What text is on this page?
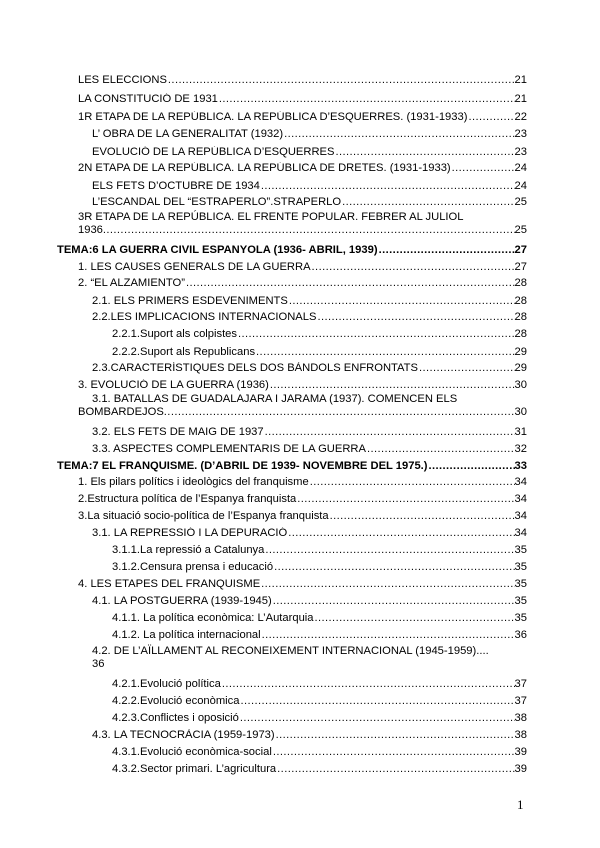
LES ELECCIONS .....	21
LA CONSTITUCIÓ DE 1931 .....	21
1R ETAPA DE LA REPÚBLICA. LA REPÚBLICA D’ESQUERRES. (1931-1933) .....	22
L’ OBRA DE LA GENERALITAT (1932) .....	23
EVOLUCIÓ DE LA REPÚBLICA D’ESQUERRES .....	23
2N ETAPA DE LA REPÚBLICA. LA REPÚBLICA DE DRETES. (1931-1933) .....	24
ELS FETS D’OCTUBRE DE 1934 .....	24
L’ESCANDAL DEL “ESTRAPERLO”.STRAPERLO .....	25
3R ETAPA DE LA REPÚBLICA. EL FRENTE POPULAR. FEBRER AL JULIOL
1936 .....	25
TEMA:6 LA GUERRA CIVIL ESPANYOLA (1936- ABRIL, 1939) .....	27
1. LES CAUSES GENERALS DE LA GUERRA .....	27
2. “EL ALZAMIENTO” .....	28
2.1. ELS PRIMERS ESDEVENIMENTS .....	28
2.2.LES IMPLICACIONS INTERNACIONALS .....	28
2.2.1.Suport als colpistes .....	28
2.2.2.Suport als Republicans .....	29
2.3.CARACTERÍSTIQUES DELS DOS BÀNDOLS ENFRONTATS .....	29
3. EVOLUCIÓ DE LA GUERRA (1936) .....	30
3.1. BATALLAS DE GUADALAJARA I JARAMA (1937). COMENCEN ELS
BOMBARDEJOS .....	30
3.2. ELS FETS DE MAIG DE 1937 .....	31
3.3. ASPECTES COMPLEMENTARIS DE LA GUERRA .....	32
TEMA:7 EL FRANQUISME. (D’ABRIL DE 1939- NOVEMBRE DEL 1975.) .....	33
1. Els pilars polítics i ideològics del franquisme .....	34
2.Estructura política de l’Espanya franquista .....	34
3.La situació socio-política de l’Espanya franquista .....	34
3.1. LA REPRESSIÓ I LA DEPURACIÓ .....	34
3.1.1.La repressió a Catalunya .....	35
3.1.2.Censura prensa i educació .....	35
4. LES ETAPES DEL FRANQUISME .....	35
4.1. LA POSTGUERRA (1939-1945) .....	35
4.1.1. La política econòmica: L’Autarquia .....	35
4.1.2. La política internacional .....	36
4.2. DE L’AÏLLAMENT AL RECONEIXEMENT INTERNACIONAL (1945-1959)....
36
4.2.1.Evolució política .....	37
4.2.2.Evolució econòmica .....	37
4.2.3.Conflictes i oposició .....	38
4.3. LA TECNOCRÀCIA (1959-1973) .....	38
4.3.1.Evolució econòmica-social .....	39
4.3.2.Sector primari. L’agricultura .....	39
1
